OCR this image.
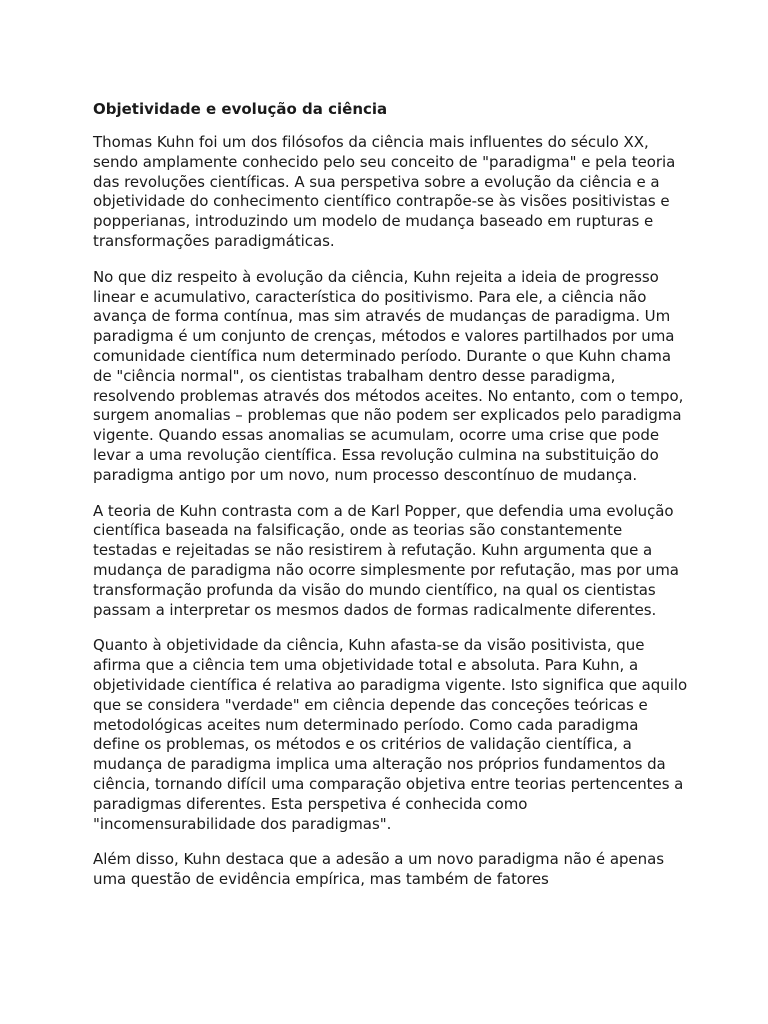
Objetividade e evolução da ciência

Thomas Kuhn foi um dos filósofos da ciência mais influentes do século XX, sendo amplamente conhecido pelo seu conceito de "paradigma" e pela teoria das revoluções científicas. A sua perspetiva sobre a evolução da ciência e a objetividade do conhecimento científico contrapõe-se às visões positivistas e popperianas, introduzindo um modelo de mudança baseado em rupturas e transformações paradigmáticas.

No que diz respeito à evolução da ciência, Kuhn rejeita a ideia de progresso linear e acumulativo, característica do positivismo. Para ele, a ciência não avança de forma contínua, mas sim através de mudanças de paradigma. Um paradigma é um conjunto de crenças, métodos e valores partilhados por uma comunidade científica num determinado período. Durante o que Kuhn chama de "ciência normal", os cientistas trabalham dentro desse paradigma, resolvendo problemas através dos métodos aceites. No entanto, com o tempo, surgem anomalias – problemas que não podem ser explicados pelo paradigma vigente. Quando essas anomalias se acumulam, ocorre uma crise que pode levar a uma revolução científica. Essa revolução culmina na substituição do paradigma antigo por um novo, num processo descontínuo de mudança.

A teoria de Kuhn contrasta com a de Karl Popper, que defendia uma evolução científica baseada na falsificação, onde as teorias são constantemente testadas e rejeitadas se não resistirem à refutação. Kuhn argumenta que a mudança de paradigma não ocorre simplesmente por refutação, mas por uma transformação profunda da visão do mundo científico, na qual os cientistas passam a interpretar os mesmos dados de formas radicalmente diferentes.

Quanto à objetividade da ciência, Kuhn afasta-se da visão positivista, que afirma que a ciência tem uma objetividade total e absoluta. Para Kuhn, a objetividade científica é relativa ao paradigma vigente. Isto significa que aquilo que se considera "verdade" em ciência depende das conceções teóricas e metodológicas aceites num determinado período. Como cada paradigma define os problemas, os métodos e os critérios de validação científica, a mudança de paradigma implica uma alteração nos próprios fundamentos da ciência, tornando difícil uma comparação objetiva entre teorias pertencentes a paradigmas diferentes. Esta perspetiva é conhecida como "incomensurabilidade dos paradigmas".

Além disso, Kuhn destaca que a adesão a um novo paradigma não é apenas uma questão de evidência empírica, mas também de fatores
